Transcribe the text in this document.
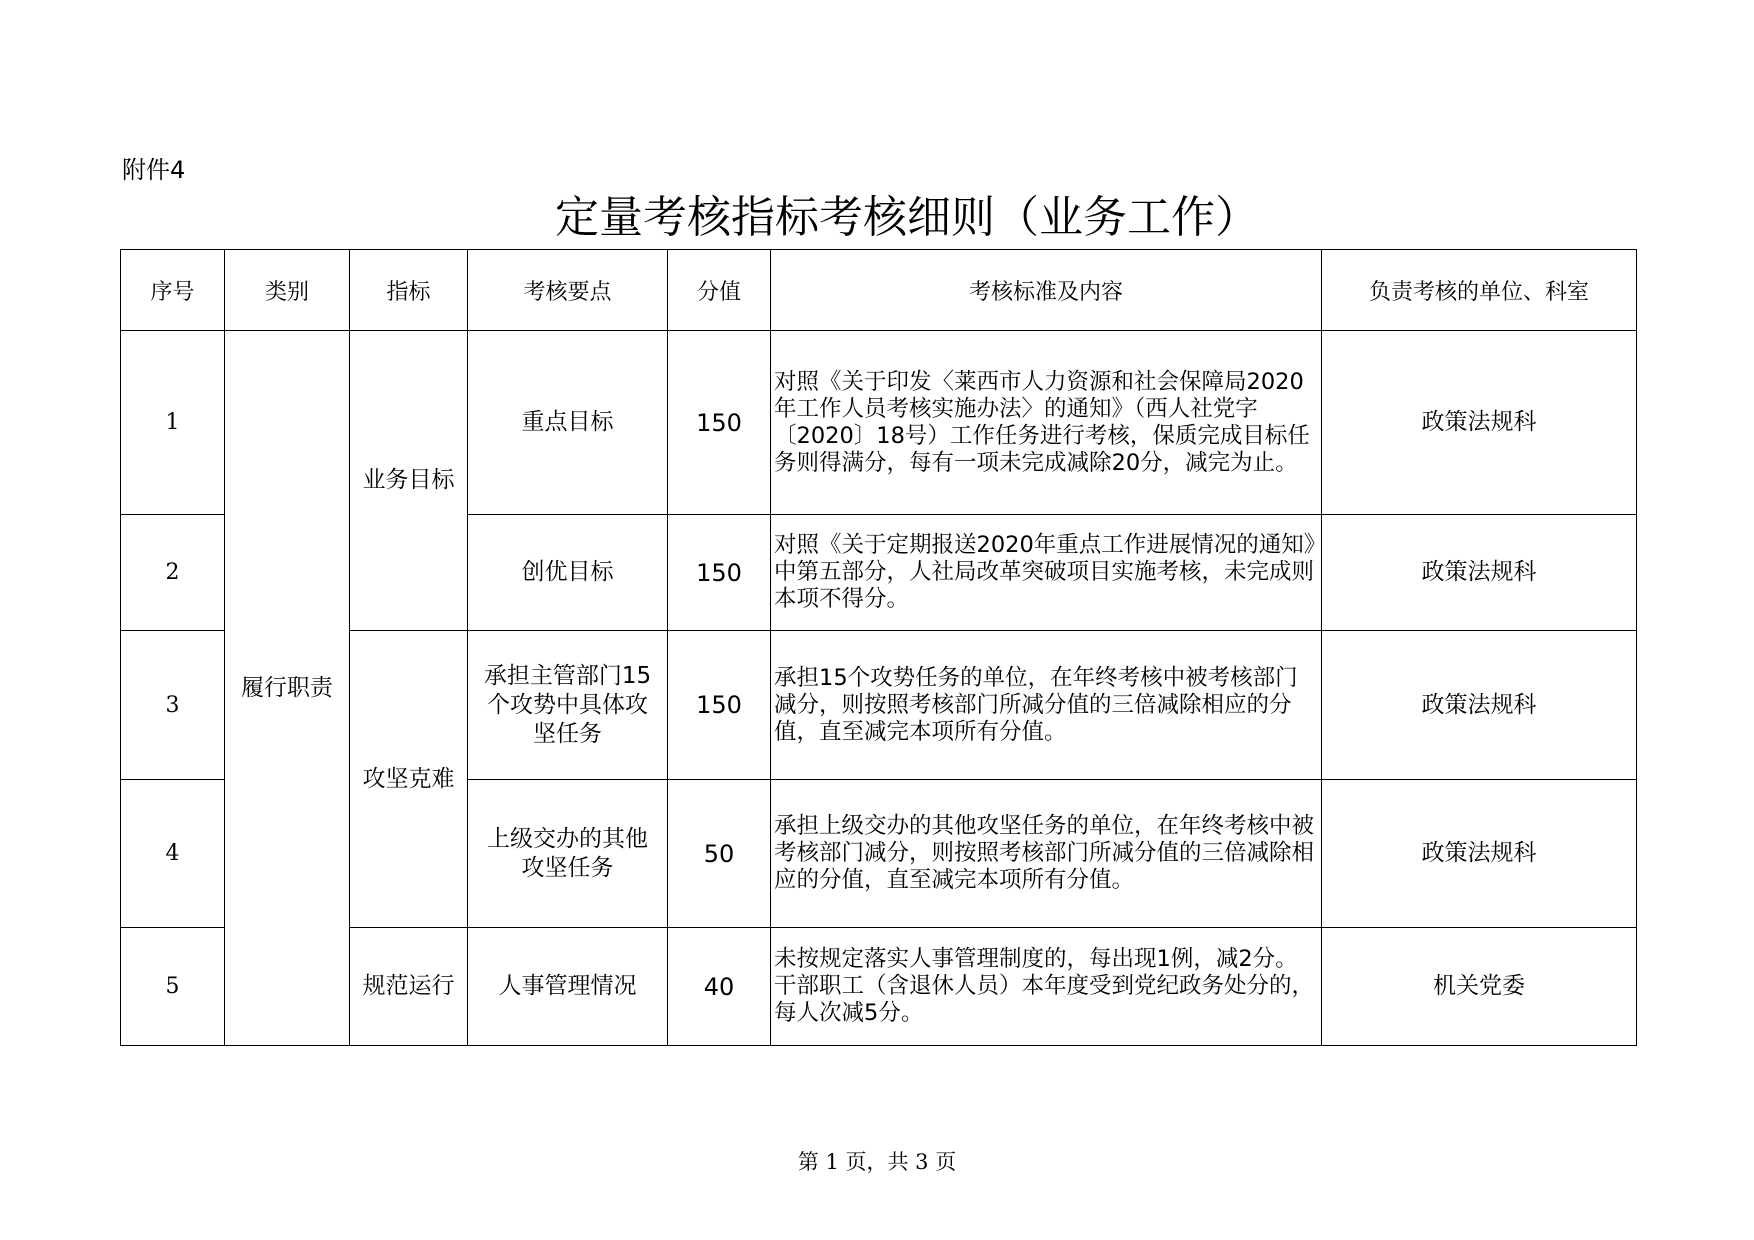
附件4
定量考核指标考核细则（业务工作）
序号	类别	指标	考核要点	分值	考核标准及内容	负责考核的单位、科室
1	履行职责	业务目标	重点目标	150	对照《关于印发〈莱西市人力资源和社会保障局2020年工作人员考核实施办法〉的通知》（西人社党字〔2020〕18号）工作任务进行考核，保质完成目标任务则得满分，每有一项未完成减除20分，减完为止。	政策法规科
2			创优目标	150	对照《关于定期报送2020年重点工作进展情况的通知》中第五部分，人社局改革突破项目实施考核，未完成则本项不得分。	政策法规科
3		攻坚克难	承担主管部门15个攻势中具体攻坚任务	150	承担15个攻势任务的单位，在年终考核中被考核部门减分，则按照考核部门所减分值的三倍减除相应的分值，直至减完本项所有分值。	政策法规科
4			上级交办的其他攻坚任务	50	承担上级交办的其他攻坚任务的单位，在年终考核中被考核部门减分，则按照考核部门所减分值的三倍减除相应的分值，直至减完本项所有分值。	政策法规科
5		规范运行	人事管理情况	40	未按规定落实人事管理制度的，每出现1例，减2分。干部职工（含退休人员）本年度受到党纪政务处分的，每人次减5分。	机关党委
第 1 页，共 3 页
